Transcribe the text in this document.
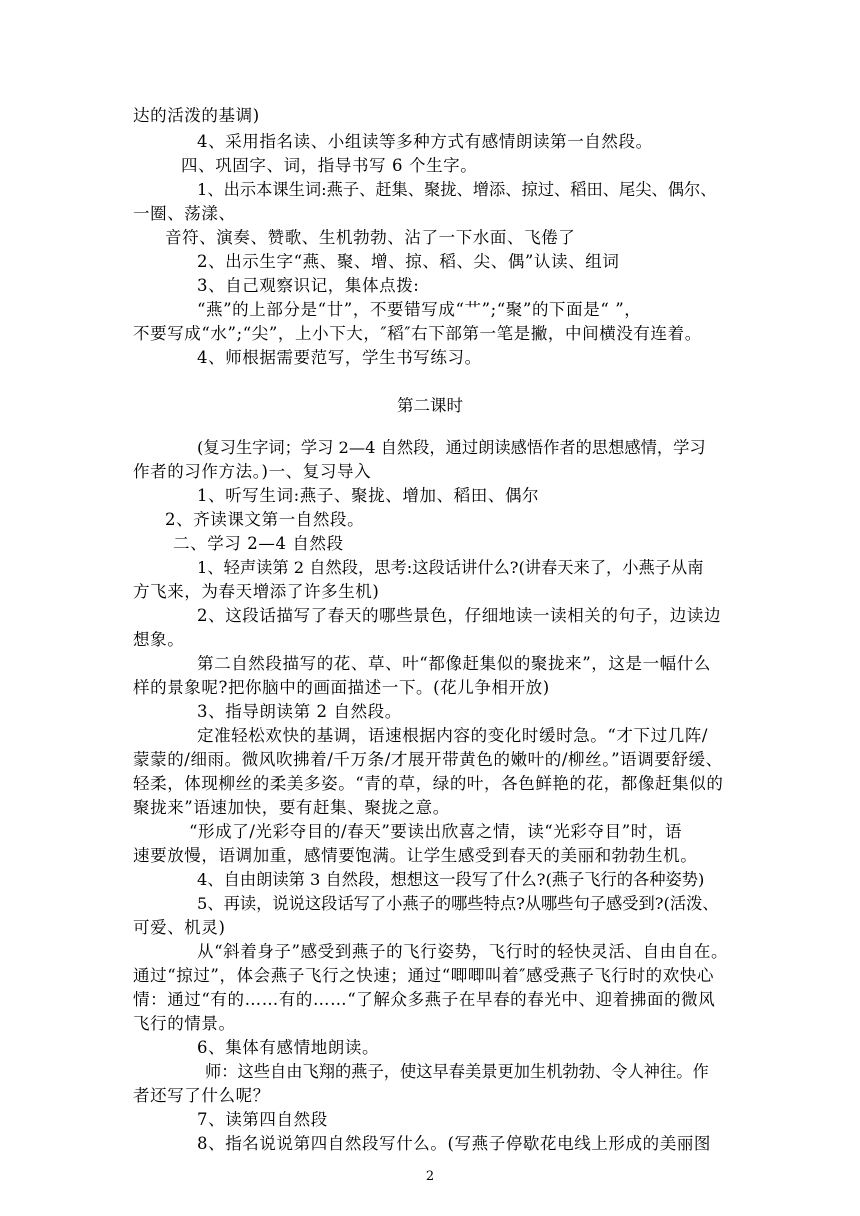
达的活泼的基调)
4、采用指名读、小组读等多种方式有感情朗读第一自然段。
四、巩固字、词，指导书写 6 个生字。
1、出示本课生词:燕子、赶集、聚拢、增添、掠过、稻田、尾尖、偶尔、
一圈、荡漾、
音符、演奏、赞歌、生机勃勃、沾了一下水面、飞倦了
2、出示生字“燕、聚、增、掠、稻、尖、偶”认读、组词
3、自己观察识记，集体点拨:
“燕”的上部分是“廿”，不要错写成“艹”;“聚”的下面是“ ”，
不要写成“水”;“尖”，上小下大，″稻″右下部第一笔是撇，中间横没有连着。
4、师根据需要范写，学生书写练习。
第二课时
(复习生字词；学习 2—4 自然段，通过朗读感悟作者的思想感情，学习
作者的习作方法。)一、复习导入
1、听写生词:燕子、聚拢、增加、稻田、偶尔
2、齐读课文第一自然段。
二、学习 2—4 自然段
1、轻声读第 2 自然段，思考:这段话讲什么?(讲春天来了，小燕子从南
方飞来，为春天增添了许多生机)
2、这段话描写了春天的哪些景色，仔细地读一读相关的句子，边读边
想象。
第二自然段描写的花、草、叶“都像赶集似的聚拢来”，这是一幅什么
样的景象呢?把你脑中的画面描述一下。(花儿争相开放)
3、指导朗读第 2 自然段。
定准轻松欢快的基调，语速根据内容的变化时缓时急。“才下过几阵/
蒙蒙的/细雨。微风吹拂着/千万条/才展开带黄色的嫩叶的/柳丝。”语调要舒缓、
轻柔，体现柳丝的柔美多姿。“青的草，绿的叶，各色鲜艳的花，都像赶集似的
聚拢来”语速加快，要有赶集、聚拢之意。
“形成了/光彩夺目的/春天”要读出欣喜之情，读“光彩夺目”时，语
速要放慢，语调加重，感情要饱满。让学生感受到春天的美丽和勃勃生机。
4、自由朗读第 3 自然段，想想这一段写了什么?(燕子飞行的各种姿势)
5、再读，说说这段话写了小燕子的哪些特点?从哪些句子感受到?(活泼、
可爱、机灵)
从“斜着身子”感受到燕子的飞行姿势，飞行时的轻快灵活、自由自在。
通过“掠过”，体会燕子飞行之快速；通过“唧唧叫着″感受燕子飞行时的欢快心
情：通过“有的……有的……“了解众多燕子在早春的春光中、迎着拂面的微风
飞行的情景。
6、集体有感情地朗读。
师：这些自由飞翔的燕子，使这早春美景更加生机勃勃、令人神往。作
者还写了什么呢？
7、读第四自然段
8、指名说说第四自然段写什么。(写燕子停歇花电线上形成的美丽图
2
